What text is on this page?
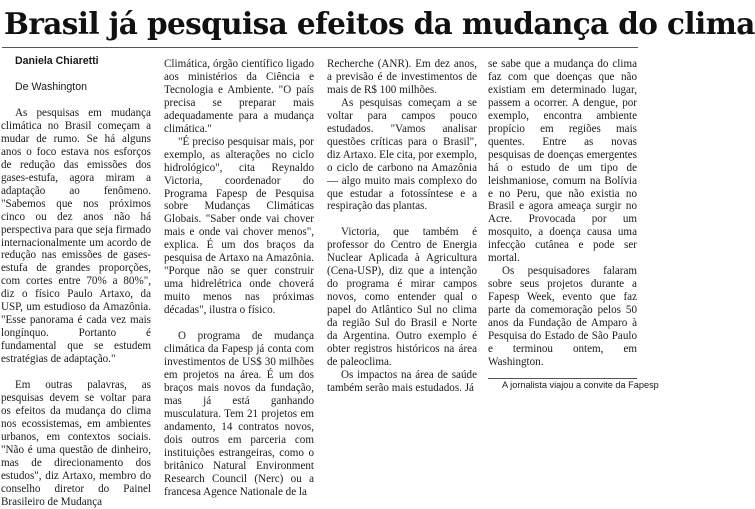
Brasil já pesquisa efeitos da mudança do clima

Daniela Chiaretti

De Washington

As pesquisas em mudança climática no Brasil começam a mudar de rumo. Se há alguns anos o foco estava nos esforços de redução das emissões dos gases-estufa, agora miram a adaptação ao fenômeno. "Sabemos que nos próximos cinco ou dez anos não há perspectiva para que seja firmado internacionalmente um acordo de redução nas emissões de gases-estufa de grandes proporções, com cortes entre 70% a 80%", diz o físico Paulo Artaxo, da USP, um estudioso da Amazônia. "Esse panorama é cada vez mais longínquo. Portanto é fundamental que se estudem estratégias de adaptação."

Em outras palavras, as pesquisas devem se voltar para os efeitos da mudança do clima nos ecossistemas, em ambientes urbanos, em contextos sociais. "Não é uma questão de dinheiro, mas de direcionamento dos estudos", diz Artaxo, membro do conselho diretor do Painel Brasileiro de Mudança

Climática, órgão científico ligado aos ministérios da Ciência e Tecnologia e Ambiente. "O país precisa se preparar mais adequadamente para a mudança climática."

"É preciso pesquisar mais, por exemplo, as alterações no ciclo hidrológico", cita Reynaldo Victoria, coordenador do Programa Fapesp de Pesquisa sobre Mudanças Climáticas Globais. "Saber onde vai chover mais e onde vai chover menos", explica. É um dos braços da pesquisa de Artaxo na Amazônia. "Porque não se quer construir uma hidrelétrica onde choverá muito menos nas próximas décadas", ilustra o físico.

O programa de mudança climática da Fapesp já conta com investimentos de US$ 30 milhões em projetos na área. É um dos braços mais novos da fundação, mas já está ganhando musculatura. Tem 21 projetos em andamento, 14 contratos novos, dois outros em parceria com instituições estrangeiras, como o britânico Natural Environment Research Council (Nerc) ou a francesa Agence Nationale de la

Recherche (ANR). Em dez anos, a previsão é de investimentos de mais de R$ 100 milhões.

As pesquisas começam a se voltar para campos pouco estudados. "Vamos analisar questões críticas para o Brasil", diz Artaxo. Ele cita, por exemplo, o ciclo de carbono na Amazônia — algo muito mais complexo do que estudar a fotossíntese e a respiração das plantas.

Victoria, que também é professor do Centro de Energia Nuclear Aplicada à Agricultura (Cena-USP), diz que a intenção do programa é mirar campos novos, como entender qual o papel do Atlântico Sul no clima da região Sul do Brasil e Norte da Argentina. Outro exemplo é obter registros históricos na área de paleoclima.

Os impactos na área de saúde também serão mais estudados. Já

se sabe que a mudança do clima faz com que doenças que não existiam em determinado lugar, passem a ocorrer. A dengue, por exemplo, encontra ambiente propício em regiões mais quentes. Entre as novas pesquisas de doenças emergentes há o estudo de um tipo de leishmaniose, comum na Bolívia e no Peru, que não existia no Brasil e agora ameaça surgir no Acre. Provocada por um mosquito, a doença causa uma infecção cutânea e pode ser mortal.

Os pesquisadores falaram sobre seus projetos durante a Fapesp Week, evento que faz parte da comemoração pelos 50 anos da Fundação de Amparo à Pesquisa do Estado de São Paulo e terminou ontem, em Washington.

A jornalista viajou a convite da Fapesp
